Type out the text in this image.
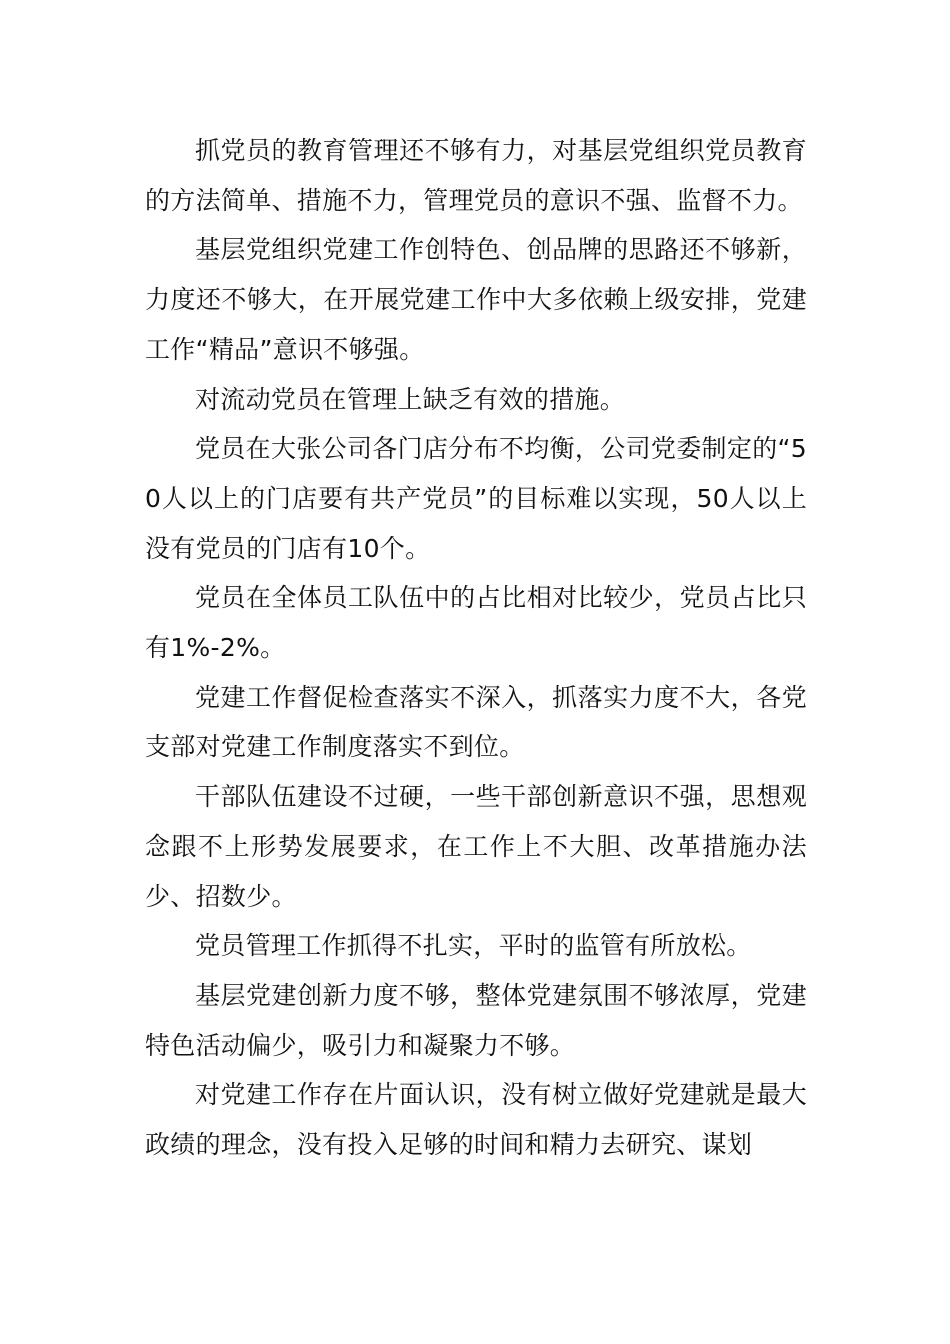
抓党员的教育管理还不够有力，对基层党组织党员教育的方法简单、措施不力，管理党员的意识不强、监督不力。

基层党组织党建工作创特色、创品牌的思路还不够新，力度还不够大，在开展党建工作中大多依赖上级安排，党建工作“精品”意识不够强。

对流动党员在管理上缺乏有效的措施。

党员在大张公司各门店分布不均衡，公司党委制定的“50人以上的门店要有共产党员”的目标难以实现，50人以上没有党员的门店有10个。

党员在全体员工队伍中的占比相对比较少，党员占比只有1%-2%。

党建工作督促检查落实不深入，抓落实力度不大，各党支部对党建工作制度落实不到位。

干部队伍建设不过硬，一些干部创新意识不强，思想观念跟不上形势发展要求，在工作上不大胆、改革措施办法少、招数少。

党员管理工作抓得不扎实，平时的监管有所放松。

基层党建创新力度不够，整体党建氛围不够浓厚，党建特色活动偏少，吸引力和凝聚力不够。

对党建工作存在片面认识，没有树立做好党建就是最大政绩的理念，没有投入足够的时间和精力去研究、谋划
